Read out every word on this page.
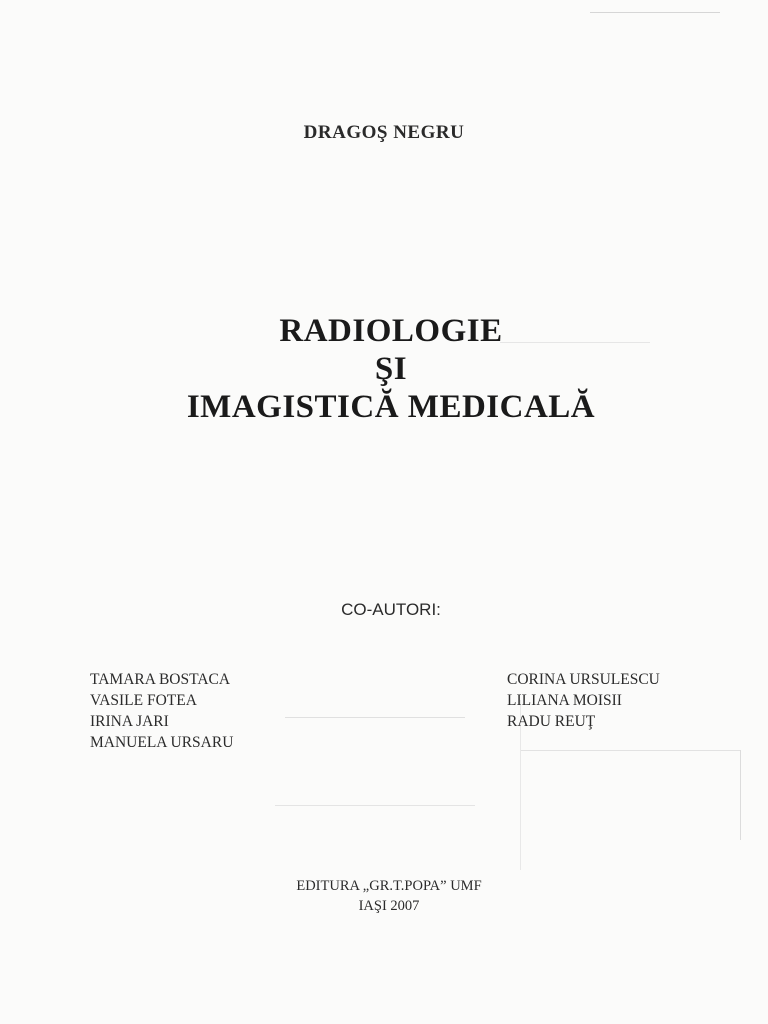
DRAGOŞ NEGRU
RADIOLOGIE
ŞI
IMAGISTICĂ MEDICALĂ
CO-AUTORI:
TAMARA BOSTACA
VASILE FOTEA
IRINA JARI
MANUELA URSARU
CORINA URSULESCU
LILIANA MOISII
RADU REUŢ
EDITURA „GR.T.POPA” UMF
IAŞI 2007
